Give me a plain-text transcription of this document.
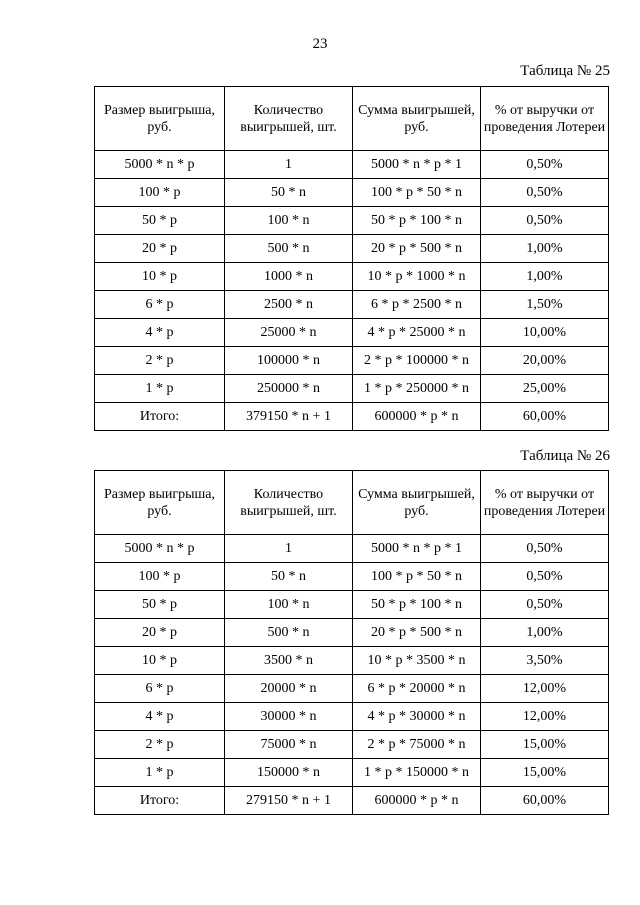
23
Таблица № 25
Размер выигрыша, руб.	Количество выигрышей, шт.	Сумма выигрышей, руб.	% от выручки от проведения Лотереи
5000 * n * p	1	5000 * n * p * 1	0,50%
100 * p	50 * n	100 * p * 50 * n	0,50%
50 * p	100 * n	50 * p * 100 * n	0,50%
20 * p	500 * n	20 * p * 500 * n	1,00%
10 * p	1000 * n	10 * p * 1000 * n	1,00%
6 * p	2500 * n	6 * p * 2500 * n	1,50%
4 * p	25000 * n	4 * p * 25000 * n	10,00%
2 * p	100000 * n	2 * p * 100000 * n	20,00%
1 * p	250000 * n	1 * p * 250000 * n	25,00%
Итого:	379150 * n + 1	600000 * p * n	60,00%
Таблица № 26
Размер выигрыша, руб.	Количество выигрышей, шт.	Сумма выигрышей, руб.	% от выручки от проведения Лотереи
5000 * n * p	1	5000 * n * p * 1	0,50%
100 * p	50 * n	100 * p * 50 * n	0,50%
50 * p	100 * n	50 * p * 100 * n	0,50%
20 * p	500 * n	20 * p * 500 * n	1,00%
10 * p	3500 * n	10 * p * 3500 * n	3,50%
6 * p	20000 * n	6 * p * 20000 * n	12,00%
4 * p	30000 * n	4 * p * 30000 * n	12,00%
2 * p	75000 * n	2 * p * 75000 * n	15,00%
1 * p	150000 * n	1 * p * 150000 * n	15,00%
Итого:	279150 * n + 1	600000 * p * n	60,00%
